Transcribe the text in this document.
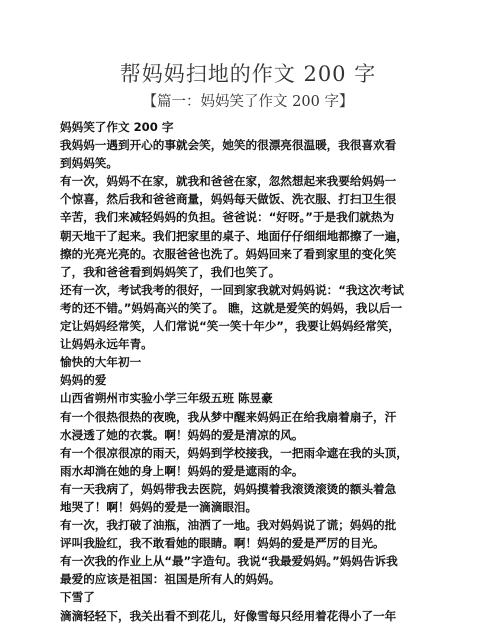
帮妈妈扫地的作文 200 字
【篇一：妈妈笑了作文 200 字】

妈妈笑了作文 200 字

我妈妈一遇到开心的事就会笑，她笑的很漂亮很温暖，我很喜欢看

到妈妈笑。

有一次，妈妈不在家，就我和爸爸在家，忽然想起来我要给妈妈一

个惊喜，然后我和爸爸商量，妈妈每天做饭、洗衣服、打扫卫生很

辛苦，我们来减轻妈妈的负担。爸爸说：“好呀。”于是我们就热为

朝天地干了起来。我们把家里的桌子、地面仔仔细细地都擦了一遍，

擦的光亮光亮的。衣服爸爸也洗了。妈妈回来了看到家里的变化笑

了，我和爸爸看到妈妈笑了，我们也笑了。

还有一次，考试我考的很好，一回到家我就对妈妈说：“我这次考试

考的还不错。”妈妈高兴的笑了。 瞧，这就是爱笑的妈妈，我以后一

定让妈妈经常笑，人们常说“笑一笑十年少”，我要让妈妈经常笑，

让妈妈永远年青。

愉快的大年初一

妈妈的爱

山西省朔州市实验小学三年级五班 陈昱豪

有一个很热很热的夜晚，我从梦中醒来妈妈正在给我扇着扇子，汗

水浸透了她的衣裳。啊！妈妈的爱是清凉的风。

有一个很凉很凉的雨天，妈妈到学校接我，一把雨伞遮在我的头顶，

雨水却淌在她的身上啊！妈妈的爱是遮雨的伞。

有一天我病了，妈妈带我去医院，妈妈摸着我滚烫滚烫的额头着急

地哭了！啊！妈妈的爱是一滴滴眼泪。

有一次，我打破了油瓶，油洒了一地。我对妈妈说了谎；妈妈的批

评叫我脸红，我不敢看她的眼睛。啊！妈妈的爱是严厉的目光。

有一次我的作业上从“最”字造句。我说“我最爱妈妈。”妈妈告诉我

最爱的应该是祖国：祖国是所有人的妈妈。

下雪了

滴滴轻轻下，我关出看不到花儿，好像雪每只经用着花得小了一年
